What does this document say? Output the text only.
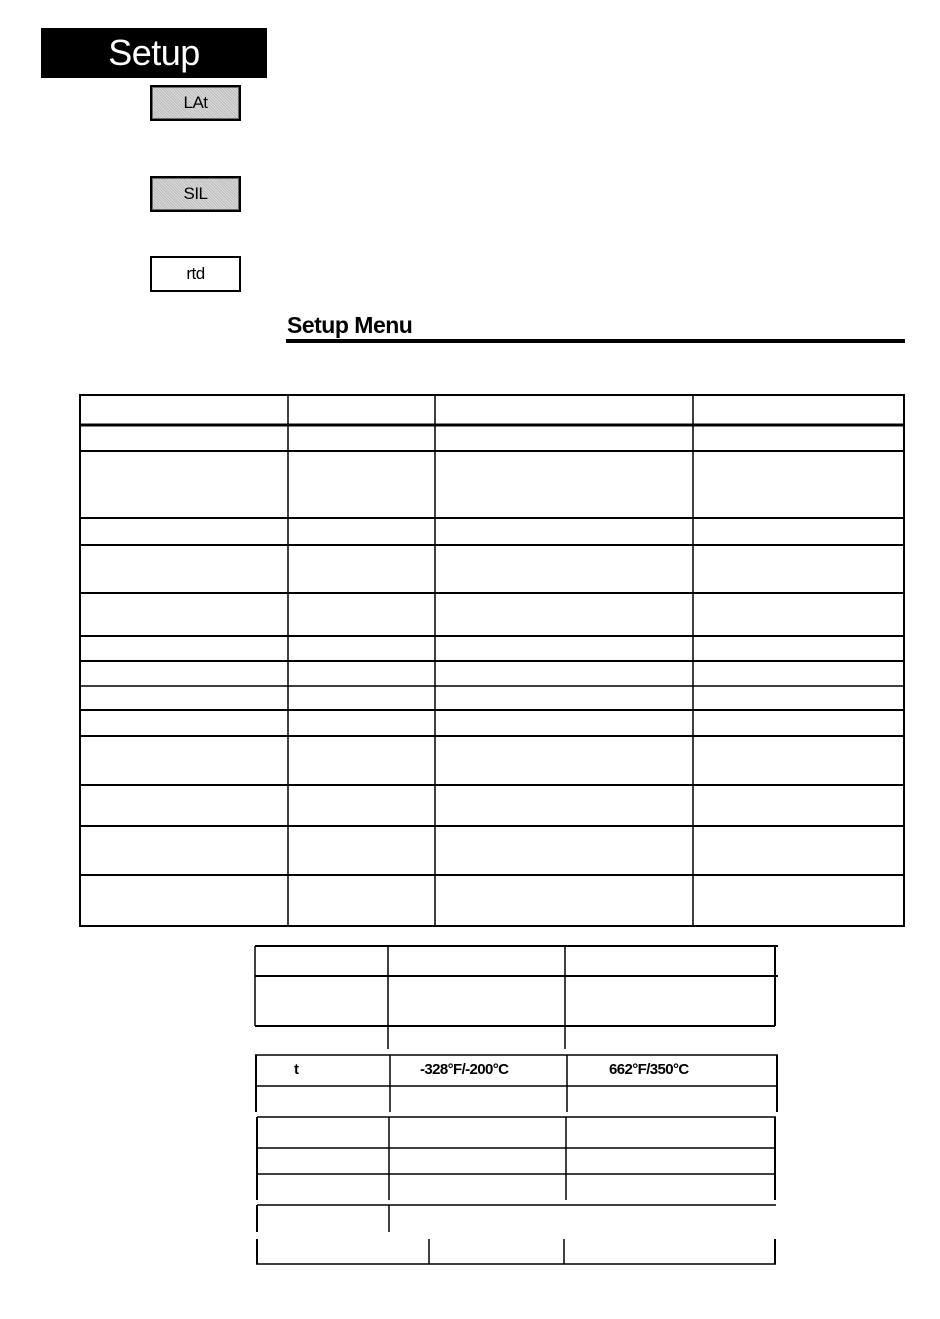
Setup
LAt
SIL
rtd
Setup Menu
t	-328°F/-200°C	662°F/350°C
